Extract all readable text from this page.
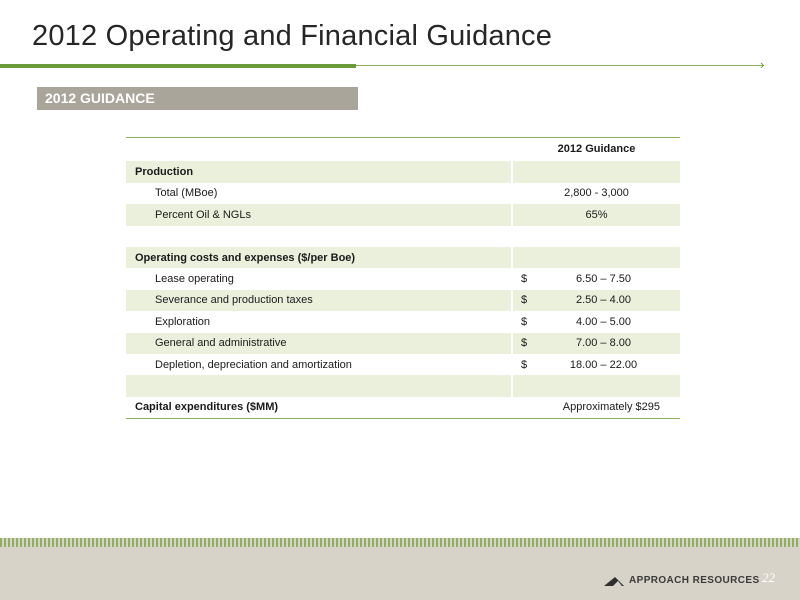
2012 Operating and Financial Guidance
›
2012 GUIDANCE
2012 Guidance
Production
Total (MBoe)	2,800 - 3,000
Percent Oil & NGLs	65%
Operating costs and expenses ($/per Boe)
Lease operating	$	6.50 – 7.50
Severance and production taxes	$	2.50 – 4.00
Exploration	$	4.00 – 5.00
General and administrative	$	7.00 – 8.00
Depletion, depreciation and amortization	$	18.00 – 22.00
Capital expenditures ($MM)	Approximately $295
APPROACH RESOURCES 22
